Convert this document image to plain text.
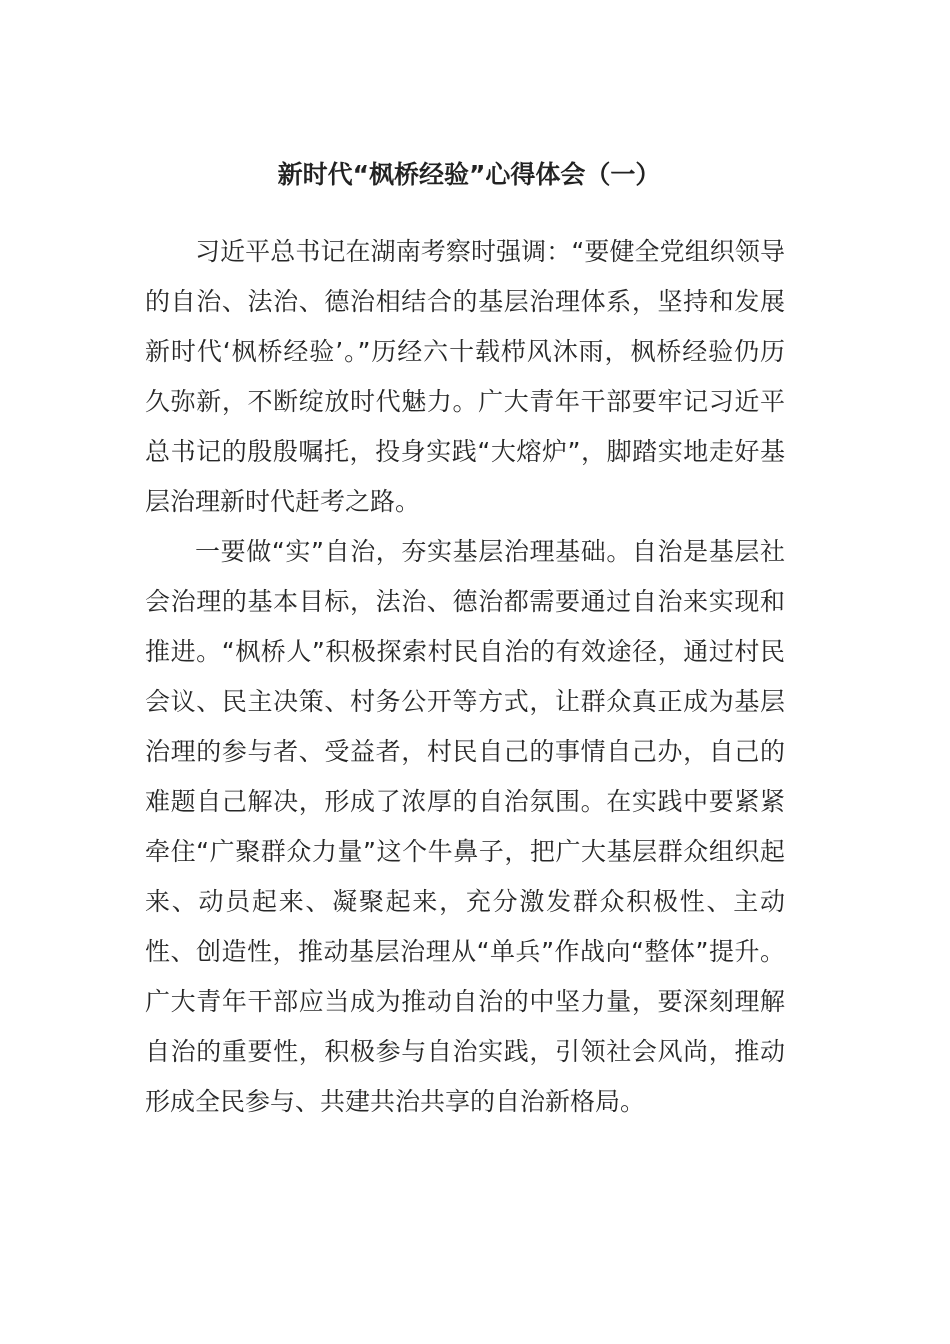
新时代“枫桥经验”心得体会（一）

习近平总书记在湖南考察时强调：“要健全党组织领导的自治、法治、德治相结合的基层治理体系，坚持和发展新时代‘枫桥经验’。”历经六十载栉风沐雨，枫桥经验仍历久弥新，不断绽放时代魅力。广大青年干部要牢记习近平总书记的殷殷嘱托，投身实践“大熔炉”，脚踏实地走好基层治理新时代赶考之路。

一要做“实”自治，夯实基层治理基础。自治是基层社会治理的基本目标，法治、德治都需要通过自治来实现和推进。“枫桥人”积极探索村民自治的有效途径，通过村民会议、民主决策、村务公开等方式，让群众真正成为基层治理的参与者、受益者，村民自己的事情自己办，自己的难题自己解决，形成了浓厚的自治氛围。在实践中要紧紧牵住“广聚群众力量”这个牛鼻子，把广大基层群众组织起来、动员起来、凝聚起来，充分激发群众积极性、主动性、创造性，推动基层治理从“单兵”作战向“整体”提升。广大青年干部应当成为推动自治的中坚力量，要深刻理解自治的重要性，积极参与自治实践，引领社会风尚，推动形成全民参与、共建共治共享的自治新格局。
